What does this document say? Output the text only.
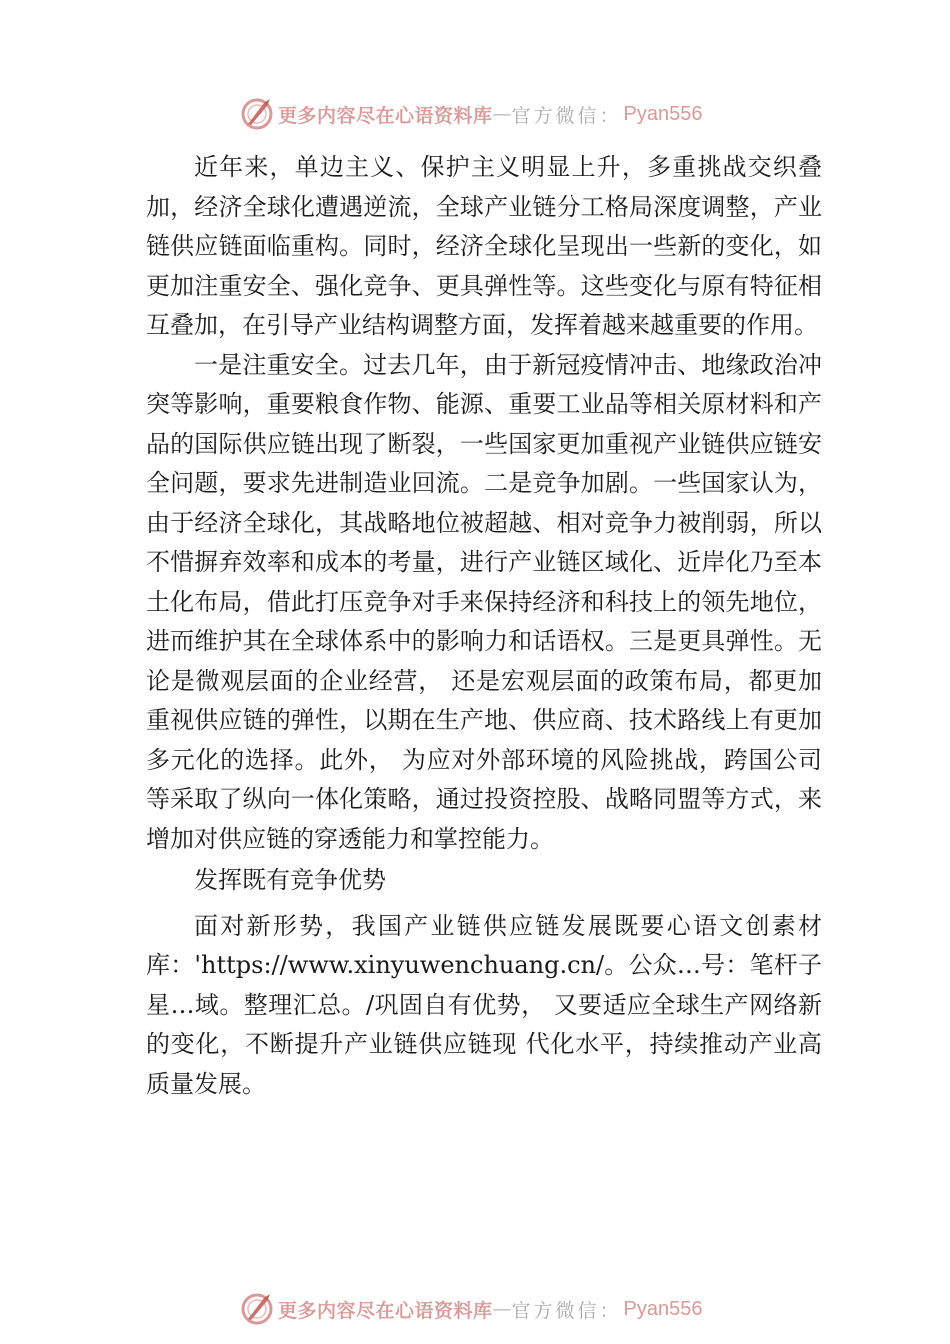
更多内容尽在心语资料库 — 官方微信： Pyan556

近年来，单边主义、保护主义明显上升，多重挑战交织叠加，经济全球化遭遇逆流，全球产业链分工格局深度调整，产业链供应链面临重构。同时，经济全球化呈现出一些新的变化，如更加注重安全、强化竞争、更具弹性等。这些变化与原有特征相互叠加，在引导产业结构调整方面，发挥着越来越重要的作用。

一是注重安全。过去几年，由于新冠疫情冲击、地缘政治冲突等影响，重要粮食作物、能源、重要工业品等相关原材料和产品的国际供应链出现了断裂，一些国家更加重视产业链供应链安全问题，要求先进制造业回流。二是竞争加剧。一些国家认为，由于经济全球化，其战略地位被超越、相对竞争力被削弱，所以不惜摒弃效率和成本的考量，进行产业链区域化、近岸化乃至本土化布局，借此打压竞争对手来保持经济和科技上的领先地位，进而维护其在全球体系中的影响力和话语权。三是更具弹性。无论是微观层面的企业经营， 还是宏观层面的政策布局，都更加重视供应链的弹性，以期在生产地、供应商、技术路线上有更加多元化的选择。此外， 为应对外部环境的风险挑战，跨国公司等采取了纵向一体化策略，通过投资控股、战略同盟等方式，来增加对供应链的穿透能力和掌控能力。

发挥既有竞争优势

面对新形势，我国产业链供应链发展既要心语文创素材库：'https://www.xinyuwenchuang.cn/。公众…号：笔杆子星…域。整理汇总。/巩固自有优势， 又要适应全球生产网络新的变化，不断提升产业链供应链现 代化水平，持续推动产业高质量发展。

更多内容尽在心语资料库 — 官方微信： Pyan556
